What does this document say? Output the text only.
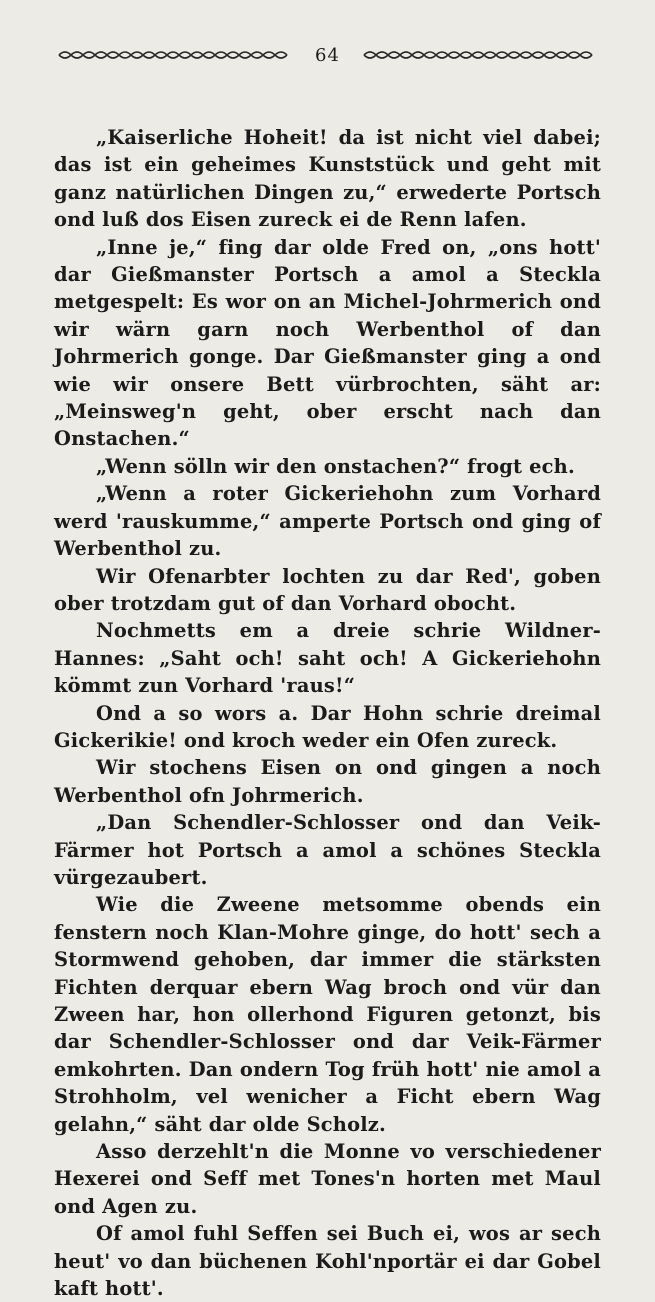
64

„Kaiserliche Hoheit! da ist nicht viel dabei; das ist ein geheimes Kunststück und geht mit ganz natürlichen Dingen zu,“ erwederte Portsch ond luß dos Eisen zureck ei de Renn lafen.

„Inne je,“ fing dar olde Fred on, „ons hott' dar Gießmanster Portsch a amol a Steckla metgespelt: Es wor on an Michel-Johrmerich ond wir wärn garn noch Werbenthol of dan Johrmerich gonge. Dar Gießmanster ging a ond wie wir onsere Bett vürbrochten, säht ar: „Meinsweg'n geht, ober erscht nach dan Onstachen.“

„Wenn sölln wir den onstachen?“ frogt ech.

„Wenn a roter Gickeriehohn zum Vorhard werd 'rauskumme,“ amperte Portsch ond ging of Werbenthol zu.

Wir Ofenarbter lochten zu dar Red', goben ober trotzdam gut of dan Vorhard obocht.

Nochmetts em a dreie schrie Wildner-Hannes: „Saht och! saht och! A Gickeriehohn kömmt zun Vorhard 'raus!“

Ond a so wors a. Dar Hohn schrie dreimal Gickerikie! ond kroch weder ein Ofen zureck.

Wir stochens Eisen on ond gingen a noch Werbenthol ofn Johrmerich.

„Dan Schendler-Schlosser ond dan Veik-Färmer hot Portsch a amol a schönes Steckla vürgezaubert.

Wie die Zweene metsomme obends ein fenstern noch Klan-Mohre ginge, do hott' sech a Stormwend gehoben, dar immer die stärksten Fichten derquar ebern Wag broch ond vür dan Zween har, hon ollerhond Figuren getonzt, bis dar Schendler-Schlosser ond dar Veik-Färmer emkohrten. Dan ondern Tog früh hott' nie amol a Strohholm, vel wenicher a Ficht ebern Wag gelahn,“ säht dar olde Scholz.

Asso derzehlt'n die Monne vo verschiedener Hexerei ond Seff met Tones'n horten met Maul ond Agen zu.

Of amol fuhl Seffen sei Buch ei, wos ar sech heut' vo dan büchenen Kohl'nportär ei dar Gobel kaft hott'.
